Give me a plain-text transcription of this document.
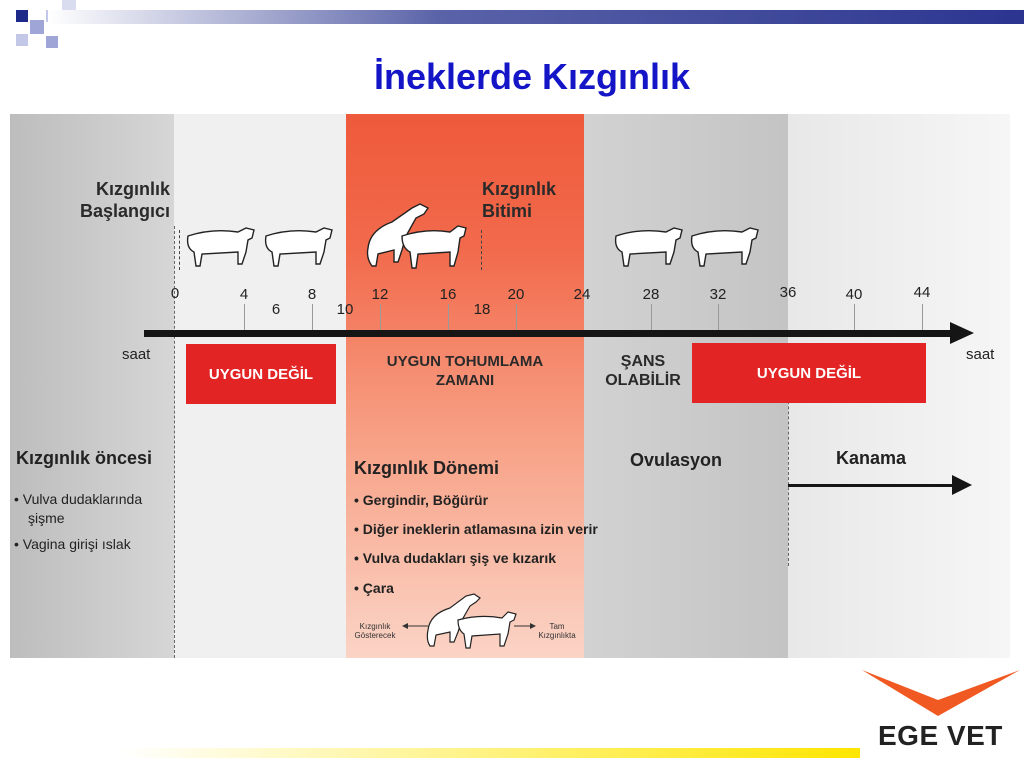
İneklerde Kızgınlık
Kızgınlık
Başlangıcı
Kızgınlık
Bitimi
0	4
6
8
10
12	16
18
20	24	28	32	36	40	44
saat	saat
UYGUN DEĞİL
UYGUN TOHUMLAMA
ZAMANI
ŞANS
OLABİLİR	UYGUN DEĞİL
Kızgınlık öncesi
• Vulva dudaklarında
şişme
• Vagina girişi ıslak
Kızgınlık Dönemi
• Gergindir, Böğürür
• Diğer ineklerin atlamasına izin verir
• Vulva dudakları şiş ve kızarık
• Çara
Kızgınlık
Gösterecek
Tam
Kızgınlıkta
Ovulasyon	Kanama
EGE VET
